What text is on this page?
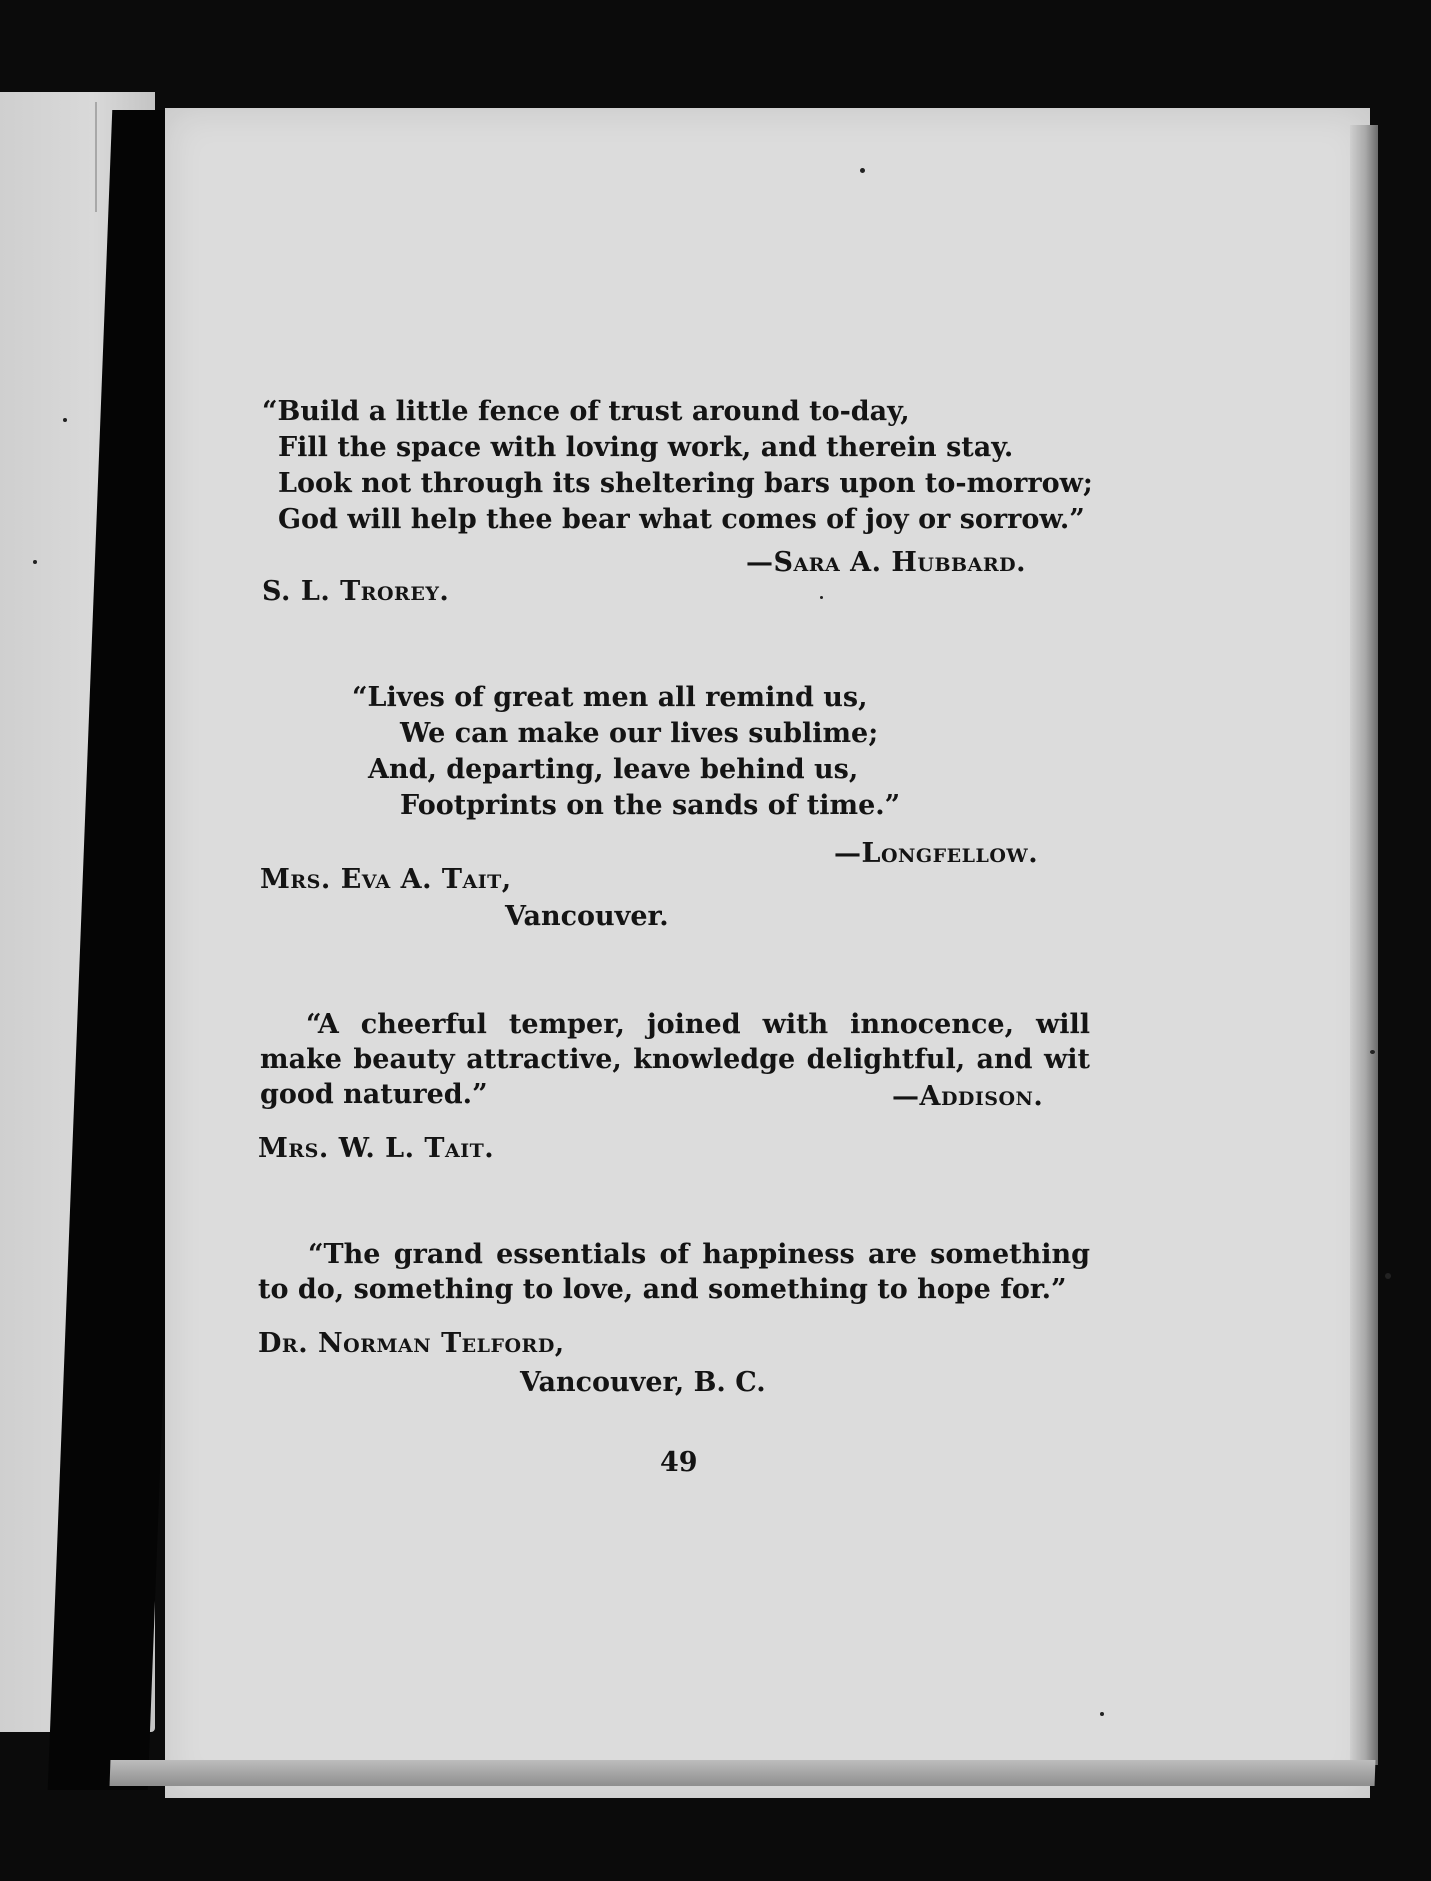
“Build a little fence of trust around to-day,
Fill the space with loving work, and therein stay.
Look not through its sheltering bars upon to-morrow;
God will help thee bear what comes of joy or sorrow.”
—Sara A. Hubbard.
S. L. Trorey.
“Lives of great men all remind us,
We can make our lives sublime;
And, departing, leave behind us,
Footprints on the sands of time.”
—Longfellow.
Mrs. Eva A. Tait,
Vancouver.
“A cheerful temper, joined with innocence, will make beauty attractive, knowledge delightful, and wit good natured.”	—Addison.
Mrs. W. L. Tait.
“The grand essentials of happiness are something to do, something to love, and something to hope for.”
Dr. Norman Telford,
Vancouver, B. C.
49
